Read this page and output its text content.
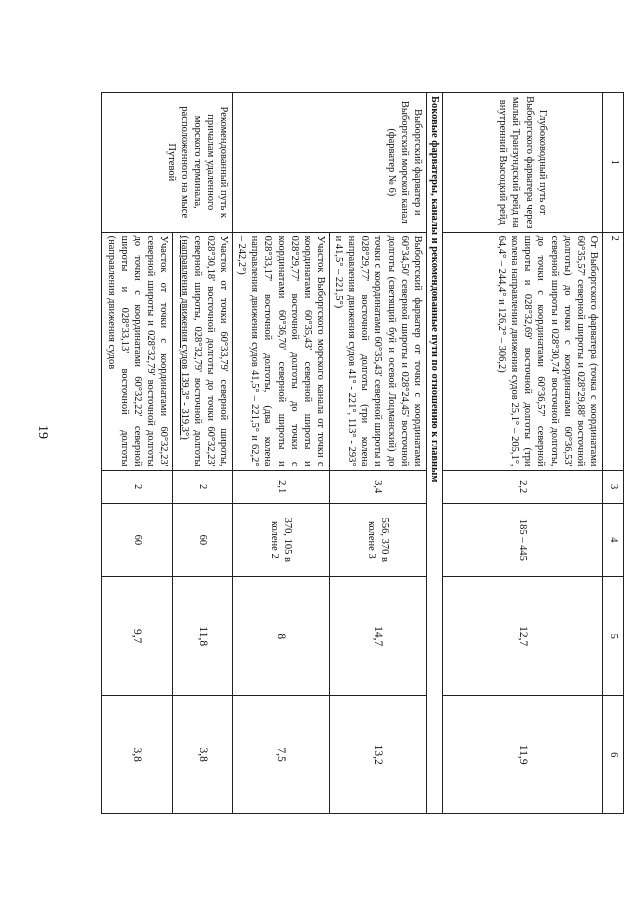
19
1	2	3	4	5	6
Глубоководный путь от Выборгского фарватера через малый Транзундский рейд на внутренний Высоцкий рейд	От Выборгского фарватера (точка с координатами 60°35,57' северной широты и 028°29,88' восточной долготы) до точки с координатами 60°36,53' северной широты и 028°30,74' восточной долготы, до точки с координатами 60°36,57' северной широты и 028°32,69' восточной долготы (три колена направлении движения судов 25,1° – 205,1°, 64,4° – 244,4° и 126,2° – 306,2)	2,2	185 – 445	12,7	11,9
Боковые фарватеры, каналы и рекомендованные пути по отношению к главным					
Выборгский фарватер и Выборгский морской канал (фарватер № 6)	Выборгский фарватер от точки с координатами 60°34,50' северной широты и 028°24,45' восточной долготы (светящий буй и осевой Лоцманский) до точки с координатами 60°35,43' северной широты и 028°29,77' восточной долготы (три колена направления движения судов 41° - 221°, 113° - 293° и 41,5° – 221,5°)	3,4	556, 370 в колене 3	14,7	13,2
	Участок Выборгского морского канала от точки с координатами 60°35,43' северной широты и 028°29,77' восточной долготы до точки с координатами 60°36,70' северной широты и 028°33,17' восточной долготы, (два колена направления движения судов 41,5° – 221,5° и 62,2° – 242,2°)	2,1	370, 105 в колене 2	8	7,5
Рекомендованный путь к причалам удаленного морского терминала, расположенного на мысе Путевой	Участок от точки 60°33,79' северной широты, 028°30,18' восточной долготы до точки 60°32,23' северной широты, 028°32,79' восточной долготы (направления движения судов 139,3° - 319,3°)	2	60	11,8	3,8
	Участок от точки с координатами 60°32,23' северной широты и 028°32,79' восточной долготы до точки с координатами 60°32,22' северной широты и 028°33,13' восточной долготы (направления движения судов	2	60	9,7	3,8
